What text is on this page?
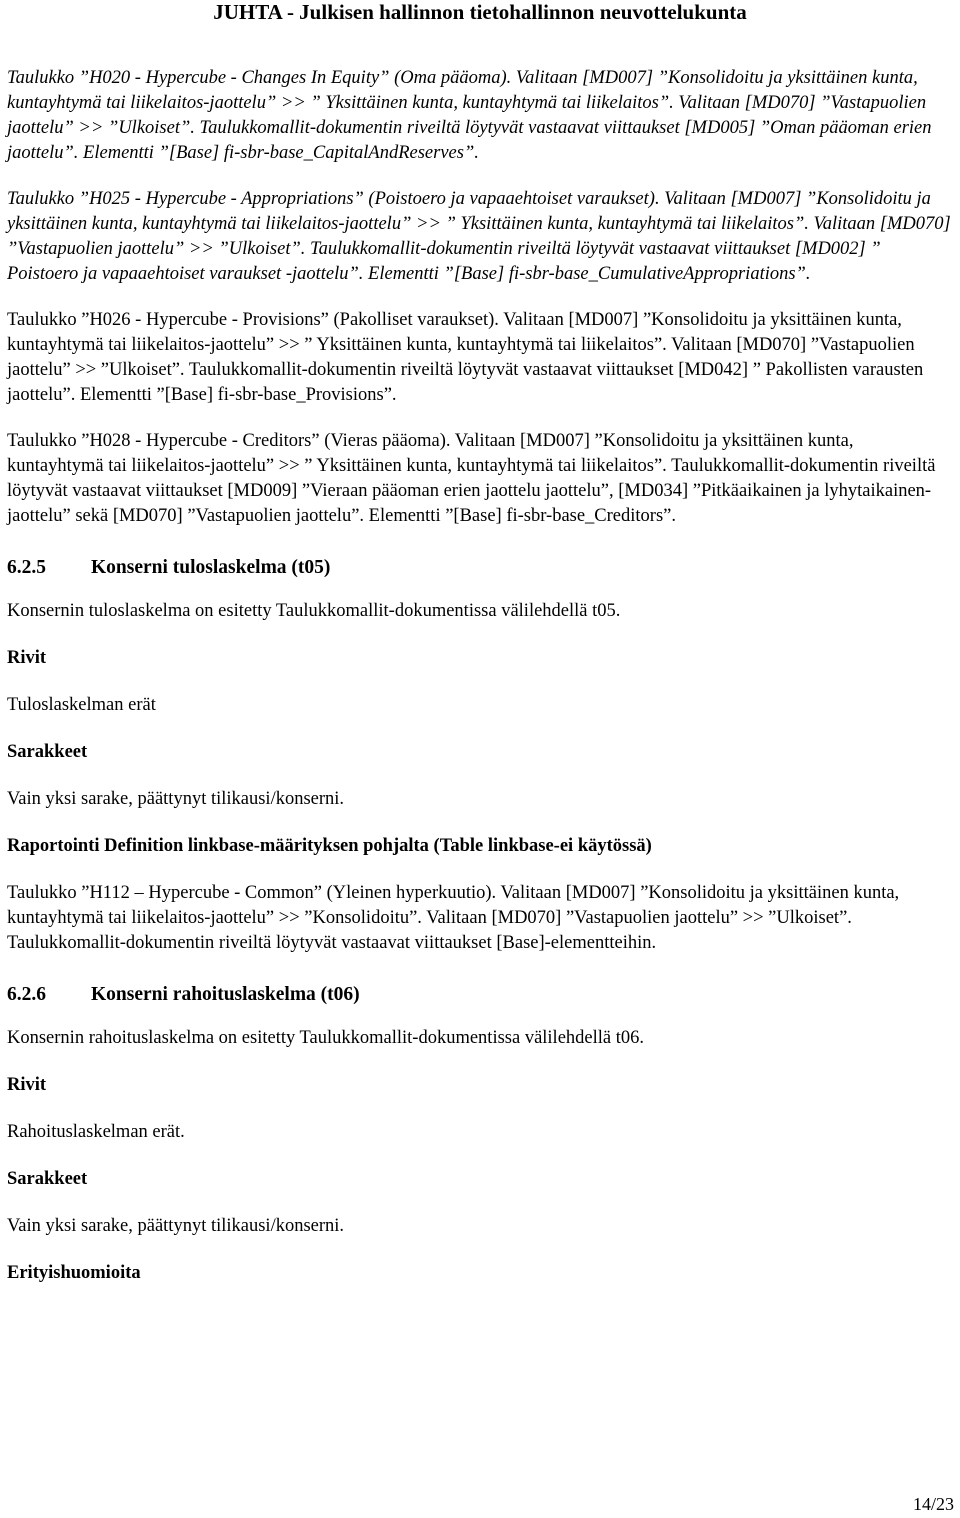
JUHTA - Julkisen hallinnon tietohallinnon neuvottelukunta

Taulukko ”H020 - Hypercube - Changes In Equity” (Oma pääoma). Valitaan [MD007] ”Konsolidoitu ja yksittäinen kunta, kuntayhtymä tai liikelaitos-jaottelu” >> ” Yksittäinen kunta, kuntayhtymä tai liikelaitos”. Valitaan [MD070] ”Vastapuolien jaottelu” >> ”Ulkoiset”. Taulukkomallit-dokumentin riveiltä löytyvät vastaavat viittaukset [MD005] ”Oman pääoman erien jaottelu”. Elementti ”[Base] fi-sbr-base_CapitalAndReserves”.

Taulukko ”H025 - Hypercube - Appropriations” (Poistoero ja vapaaehtoiset varaukset). Valitaan [MD007] ”Konsolidoitu ja yksittäinen kunta, kuntayhtymä tai liikelaitos-jaottelu” >> ” Yksittäinen kunta, kuntayhtymä tai liikelaitos”. Valitaan [MD070] ”Vastapuolien jaottelu” >> ”Ulkoiset”. Taulukkomallit-dokumentin riveiltä löytyvät vastaavat viittaukset [MD002] ” Poistoero ja vapaaehtoiset varaukset -jaottelu”. Elementti ”[Base] fi-sbr-base_CumulativeAppropriations”.

Taulukko ”H026 - Hypercube - Provisions” (Pakolliset varaukset). Valitaan [MD007] ”Konsolidoitu ja yksittäinen kunta, kuntayhtymä tai liikelaitos-jaottelu” >> ” Yksittäinen kunta, kuntayhtymä tai liikelaitos”. Valitaan [MD070] ”Vastapuolien jaottelu” >> ”Ulkoiset”. Taulukkomallit-dokumentin riveiltä löytyvät vastaavat viittaukset [MD042] ” Pakollisten varausten jaottelu”. Elementti ”[Base] fi-sbr-base_Provisions”.

Taulukko ”H028 - Hypercube - Creditors” (Vieras pääoma). Valitaan [MD007] ”Konsolidoitu ja yksittäinen kunta, kuntayhtymä tai liikelaitos-jaottelu” >> ” Yksittäinen kunta, kuntayhtymä tai liikelaitos”. Taulukkomallit-dokumentin riveiltä löytyvät vastaavat viittaukset [MD009] ”Vieraan pääoman erien jaottelu jaottelu”, [MD034] ”Pitkäaikainen ja lyhytaikainen-jaottelu” sekä [MD070] ”Vastapuolien jaottelu”. Elementti ”[Base] fi-sbr-base_Creditors”.

6.2.5 Konserni tuloslaskelma (t05)
Konsernin tuloslaskelma on esitetty Taulukkomallit-dokumentissa välilehdellä t05.
Rivit
Tuloslaskelman erät
Sarakkeet
Vain yksi sarake, päättynyt tilikausi/konserni.
Raportointi Definition linkbase-määrityksen pohjalta (Table linkbase-ei käytössä)

Taulukko ”H112 – Hypercube - Common” (Yleinen hyperkuutio). Valitaan [MD007] ”Konsolidoitu ja yksittäinen kunta, kuntayhtymä tai liikelaitos-jaottelu” >> ”Konsolidoitu”. Valitaan [MD070] ”Vastapuolien jaottelu” >> ”Ulkoiset”. Taulukkomallit-dokumentin riveiltä löytyvät vastaavat viittaukset [Base]-elementteihin.

6.2.6 Konserni rahoituslaskelma (t06)
Konsernin rahoituslaskelma on esitetty Taulukkomallit-dokumentissa välilehdellä t06.
Rivit
Rahoituslaskelman erät.
Sarakkeet
Vain yksi sarake, päättynyt tilikausi/konserni.
Erityishuomioita
14/23
